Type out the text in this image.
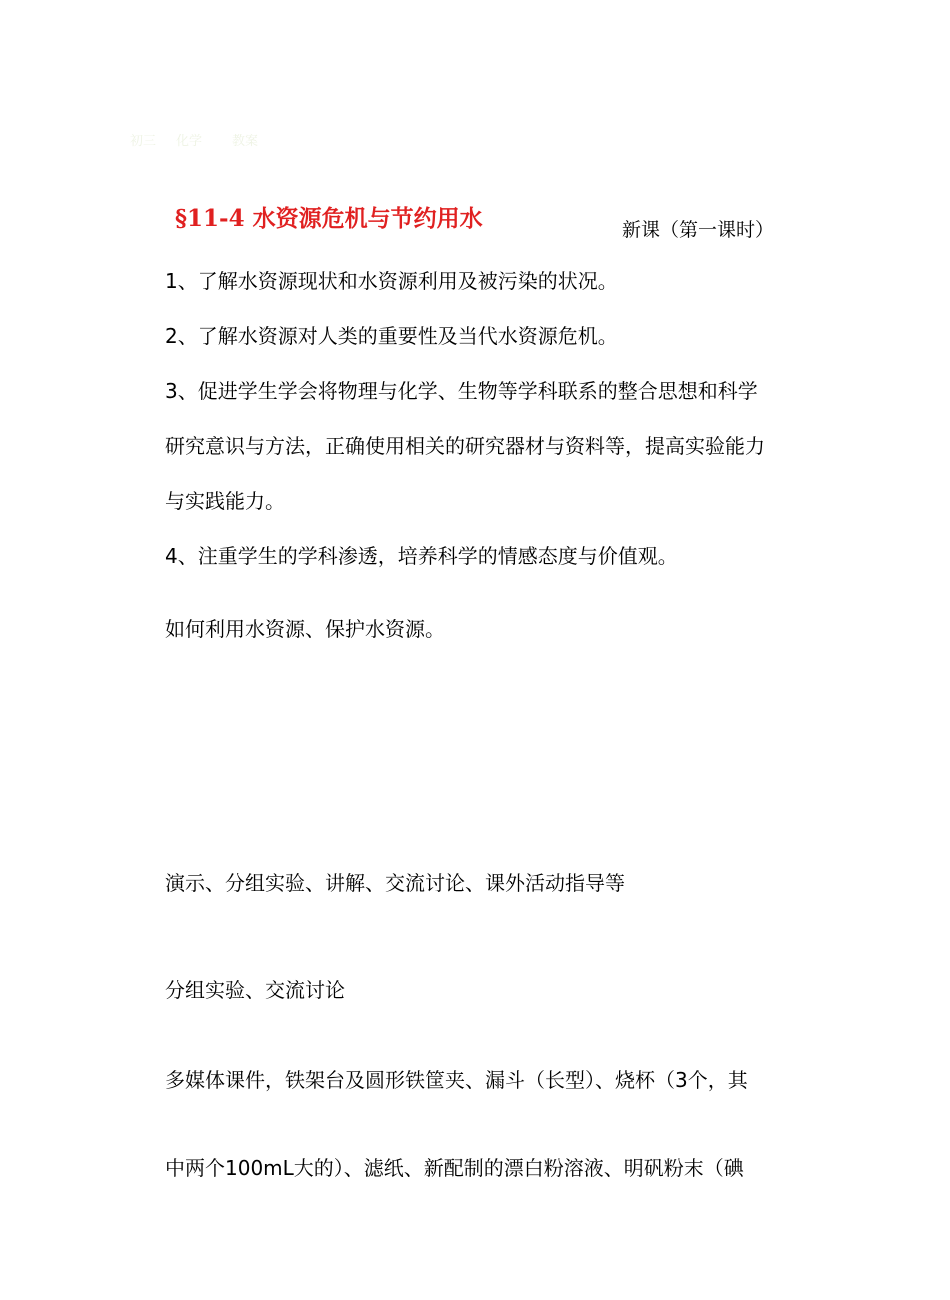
初三 化学 教案
§11-4 水资源危机与节约用水	新课（第一课时）
1、了解水资源现状和水资源利用及被污染的状况。
2、了解水资源对人类的重要性及当代水资源危机。
3、促进学生学会将物理与化学、生物等学科联系的整合思想和科学
研究意识与方法，正确使用相关的研究器材与资料等，提高实验能力
与实践能力。
4、注重学生的学科渗透，培养科学的情感态度与价值观。
如何利用水资源、保护水资源。
演示、分组实验、讲解、交流讨论、课外活动指导等
分组实验、交流讨论
多媒体课件，铁架台及圆形铁筐夹、漏斗（长型）、烧杯（3个，其
中两个100mL大的）、滤纸、新配制的漂白粉溶液、明矾粉末（碘
